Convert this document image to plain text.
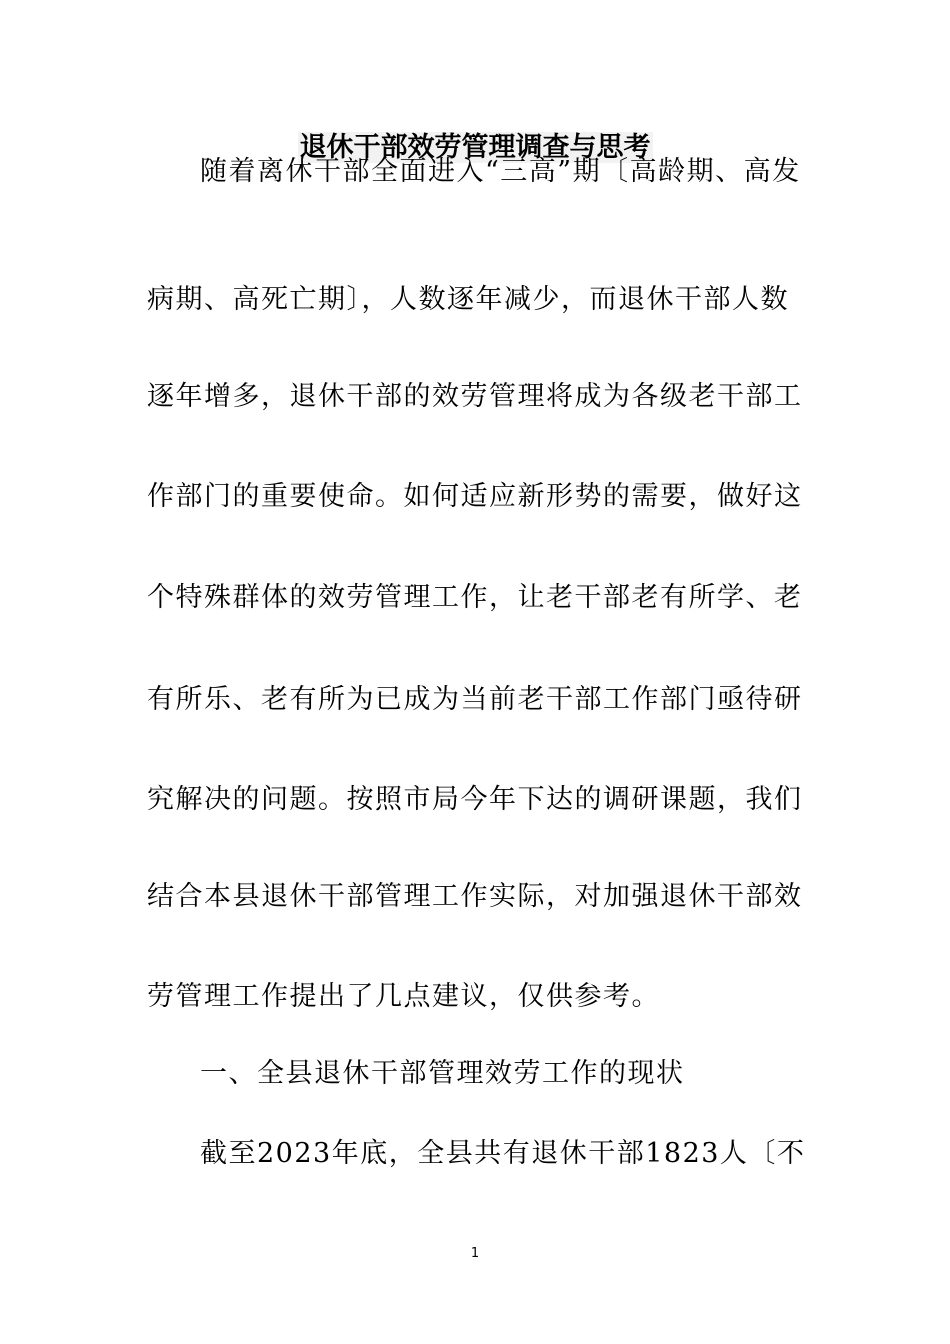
退休干部效劳管理调查与思考
随着离休干部全面进入“三高”期〔高龄期、高发
病期、高死亡期〕，人数逐年减少，而退休干部人数
逐年增多，退休干部的效劳管理将成为各级老干部工
作部门的重要使命。如何适应新形势的需要，做好这
个特殊群体的效劳管理工作，让老干部老有所学、老
有所乐、老有所为已成为当前老干部工作部门亟待研
究解决的问题。按照市局今年下达的调研课题，我们
结合本县退休干部管理工作实际，对加强退休干部效
劳管理工作提出了几点建议，仅供参考。
一、全县退休干部管理效劳工作的现状
截至2023年底，全县共有退休干部1823人〔不
1
